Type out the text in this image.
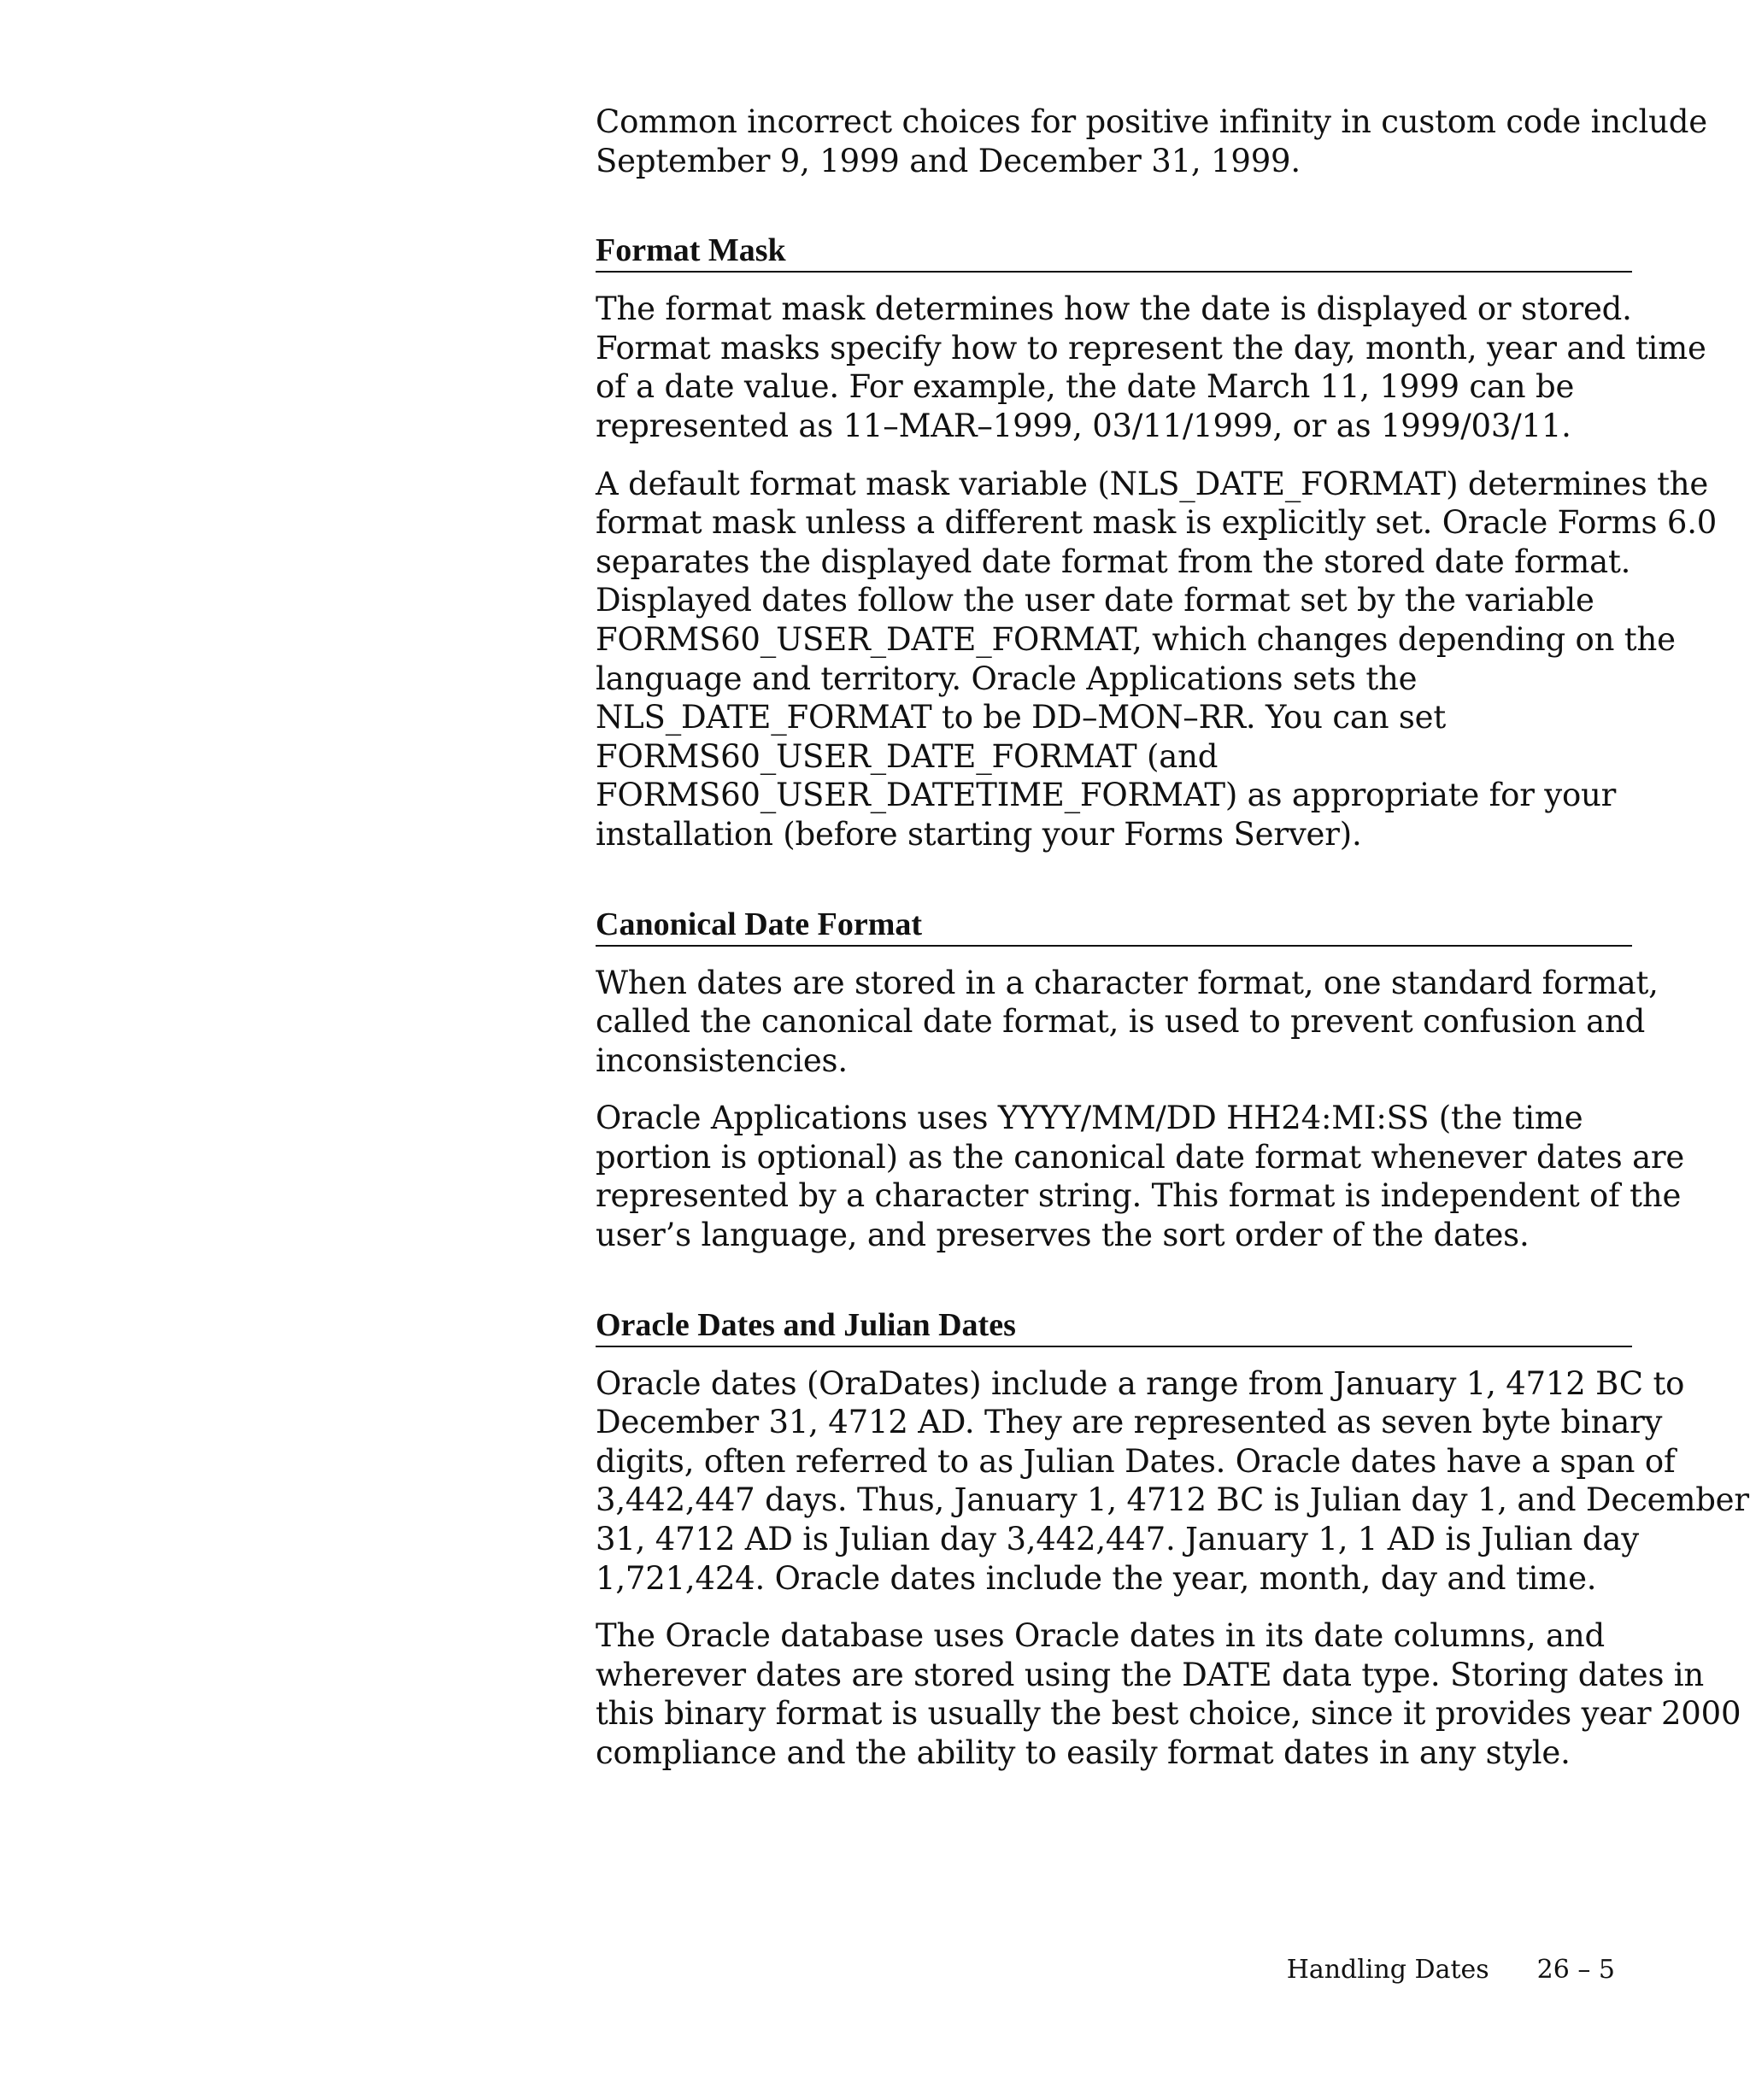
Common incorrect choices for positive infinity in custom code include
September 9, 1999 and December 31, 1999.

Format Mask

The format mask determines how the date is displayed or stored.
Format masks specify how to represent the day, month, year and time
of a date value. For example, the date March 11, 1999 can be
represented as 11–MAR–1999, 03/11/1999, or as 1999/03/11.

A default format mask variable (NLS_DATE_FORMAT) determines the
format mask unless a different mask is explicitly set. Oracle Forms 6.0
separates the displayed date format from the stored date format.
Displayed dates follow the user date format set by the variable
FORMS60_USER_DATE_FORMAT, which changes depending on the
language and territory. Oracle Applications sets the
NLS_DATE_FORMAT to be DD–MON–RR. You can set
FORMS60_USER_DATE_FORMAT (and
FORMS60_USER_DATETIME_FORMAT) as appropriate for your
installation (before starting your Forms Server).

Canonical Date Format

When dates are stored in a character format, one standard format,
called the canonical date format, is used to prevent confusion and
inconsistencies.

Oracle Applications uses YYYY/MM/DD HH24:MI:SS (the time
portion is optional) as the canonical date format whenever dates are
represented by a character string. This format is independent of the
user’s language, and preserves the sort order of the dates.

Oracle Dates and Julian Dates

Oracle dates (OraDates) include a range from January 1, 4712 BC to
December 31, 4712 AD. They are represented as seven byte binary
digits, often referred to as Julian Dates. Oracle dates have a span of
3,442,447 days. Thus, January 1, 4712 BC is Julian day 1, and December
31, 4712 AD is Julian day 3,442,447. January 1, 1 AD is Julian day
1,721,424. Oracle dates include the year, month, day and time.

The Oracle database uses Oracle dates in its date columns, and
wherever dates are stored using the DATE data type. Storing dates in
this binary format is usually the best choice, since it provides year 2000
compliance and the ability to easily format dates in any style.

Handling Dates 26 – 5
